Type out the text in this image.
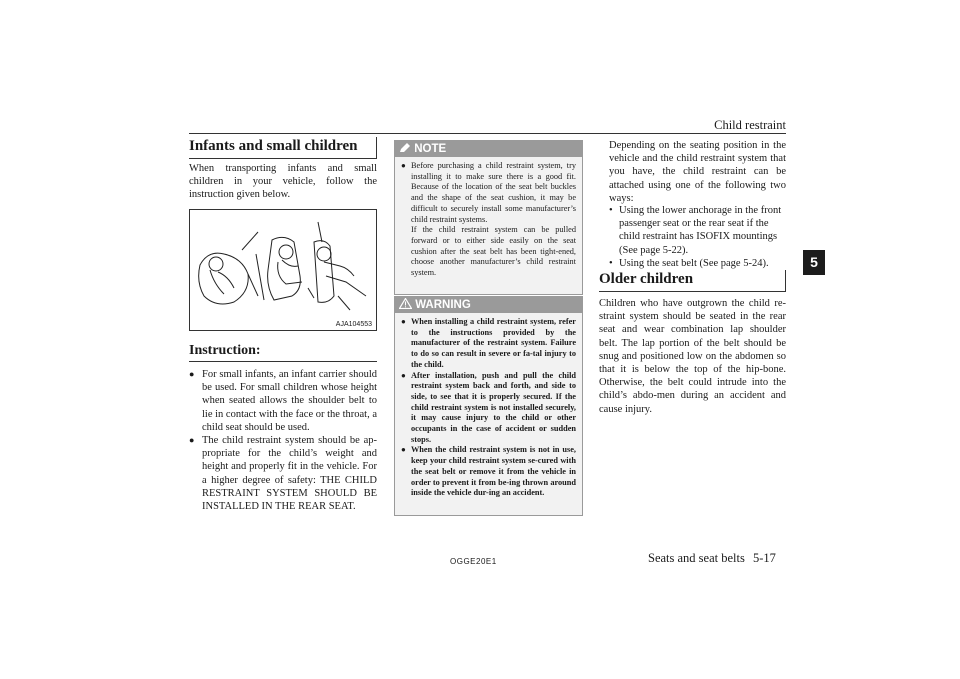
Child restraint
5
Infants and small children
When transporting infants and small children in your vehicle, follow the instruction given below.
AJA104553
Instruction:
● For small infants, an infant carrier should be used. For small children whose height when seated allows the shoulder belt to lie in contact with the face or the throat, a child seat should be used.
● The child restraint system should be ap-propriate for the child’s weight and height and properly fit in the vehicle. For a higher degree of safety: THE CHILD RESTRAINT SYSTEM SHOULD BE INSTALLED IN THE REAR SEAT.
NOTE
● Before purchasing a child restraint system, try installing it to make sure there is a good fit. Because of the location of the seat belt buckles and the shape of the seat cushion, it may be difficult to securely install some manufacturer’s child restraint systems.
If the child restraint system can be pulled forward or to either side easily on the seat cushion after the seat belt has been tight-ened, choose another manufacturer’s child restraint system.
WARNING
● When installing a child restraint system, refer to the instructions provided by the manufacturer of the restraint system. Failure to do so can result in severe or fa-tal injury to the child.
● After installation, push and pull the child restraint system back and forth, and side to side, to see that it is properly secured. If the child restraint system is not installed securely, it may cause injury to the child or other occupants in the case of accident or sudden stops.
● When the child restraint system is not in use, keep your child restraint system se-cured with the seat belt or remove it from the vehicle in order to prevent it from be-ing thrown around inside the vehicle dur-ing an accident.
Depending on the seating position in the vehicle and the child restraint system that you have, the child restraint can be attached using one of the following two ways:
• Using the lower anchorage in the front passenger seat or the rear seat if the child restraint has ISOFIX mountings (See page 5-22).
• Using the seat belt (See page 5-24).
Older children
Children who have outgrown the child re-straint system should be seated in the rear seat and wear combination lap shoulder belt. The lap portion of the belt should be snug and positioned low on the abdomen so that it is below the top of the hip-bone. Otherwise, the belt could intrude into the child’s abdo-men during an accident and cause injury.
OGGE20E1	Seats and seat belts 5-17
